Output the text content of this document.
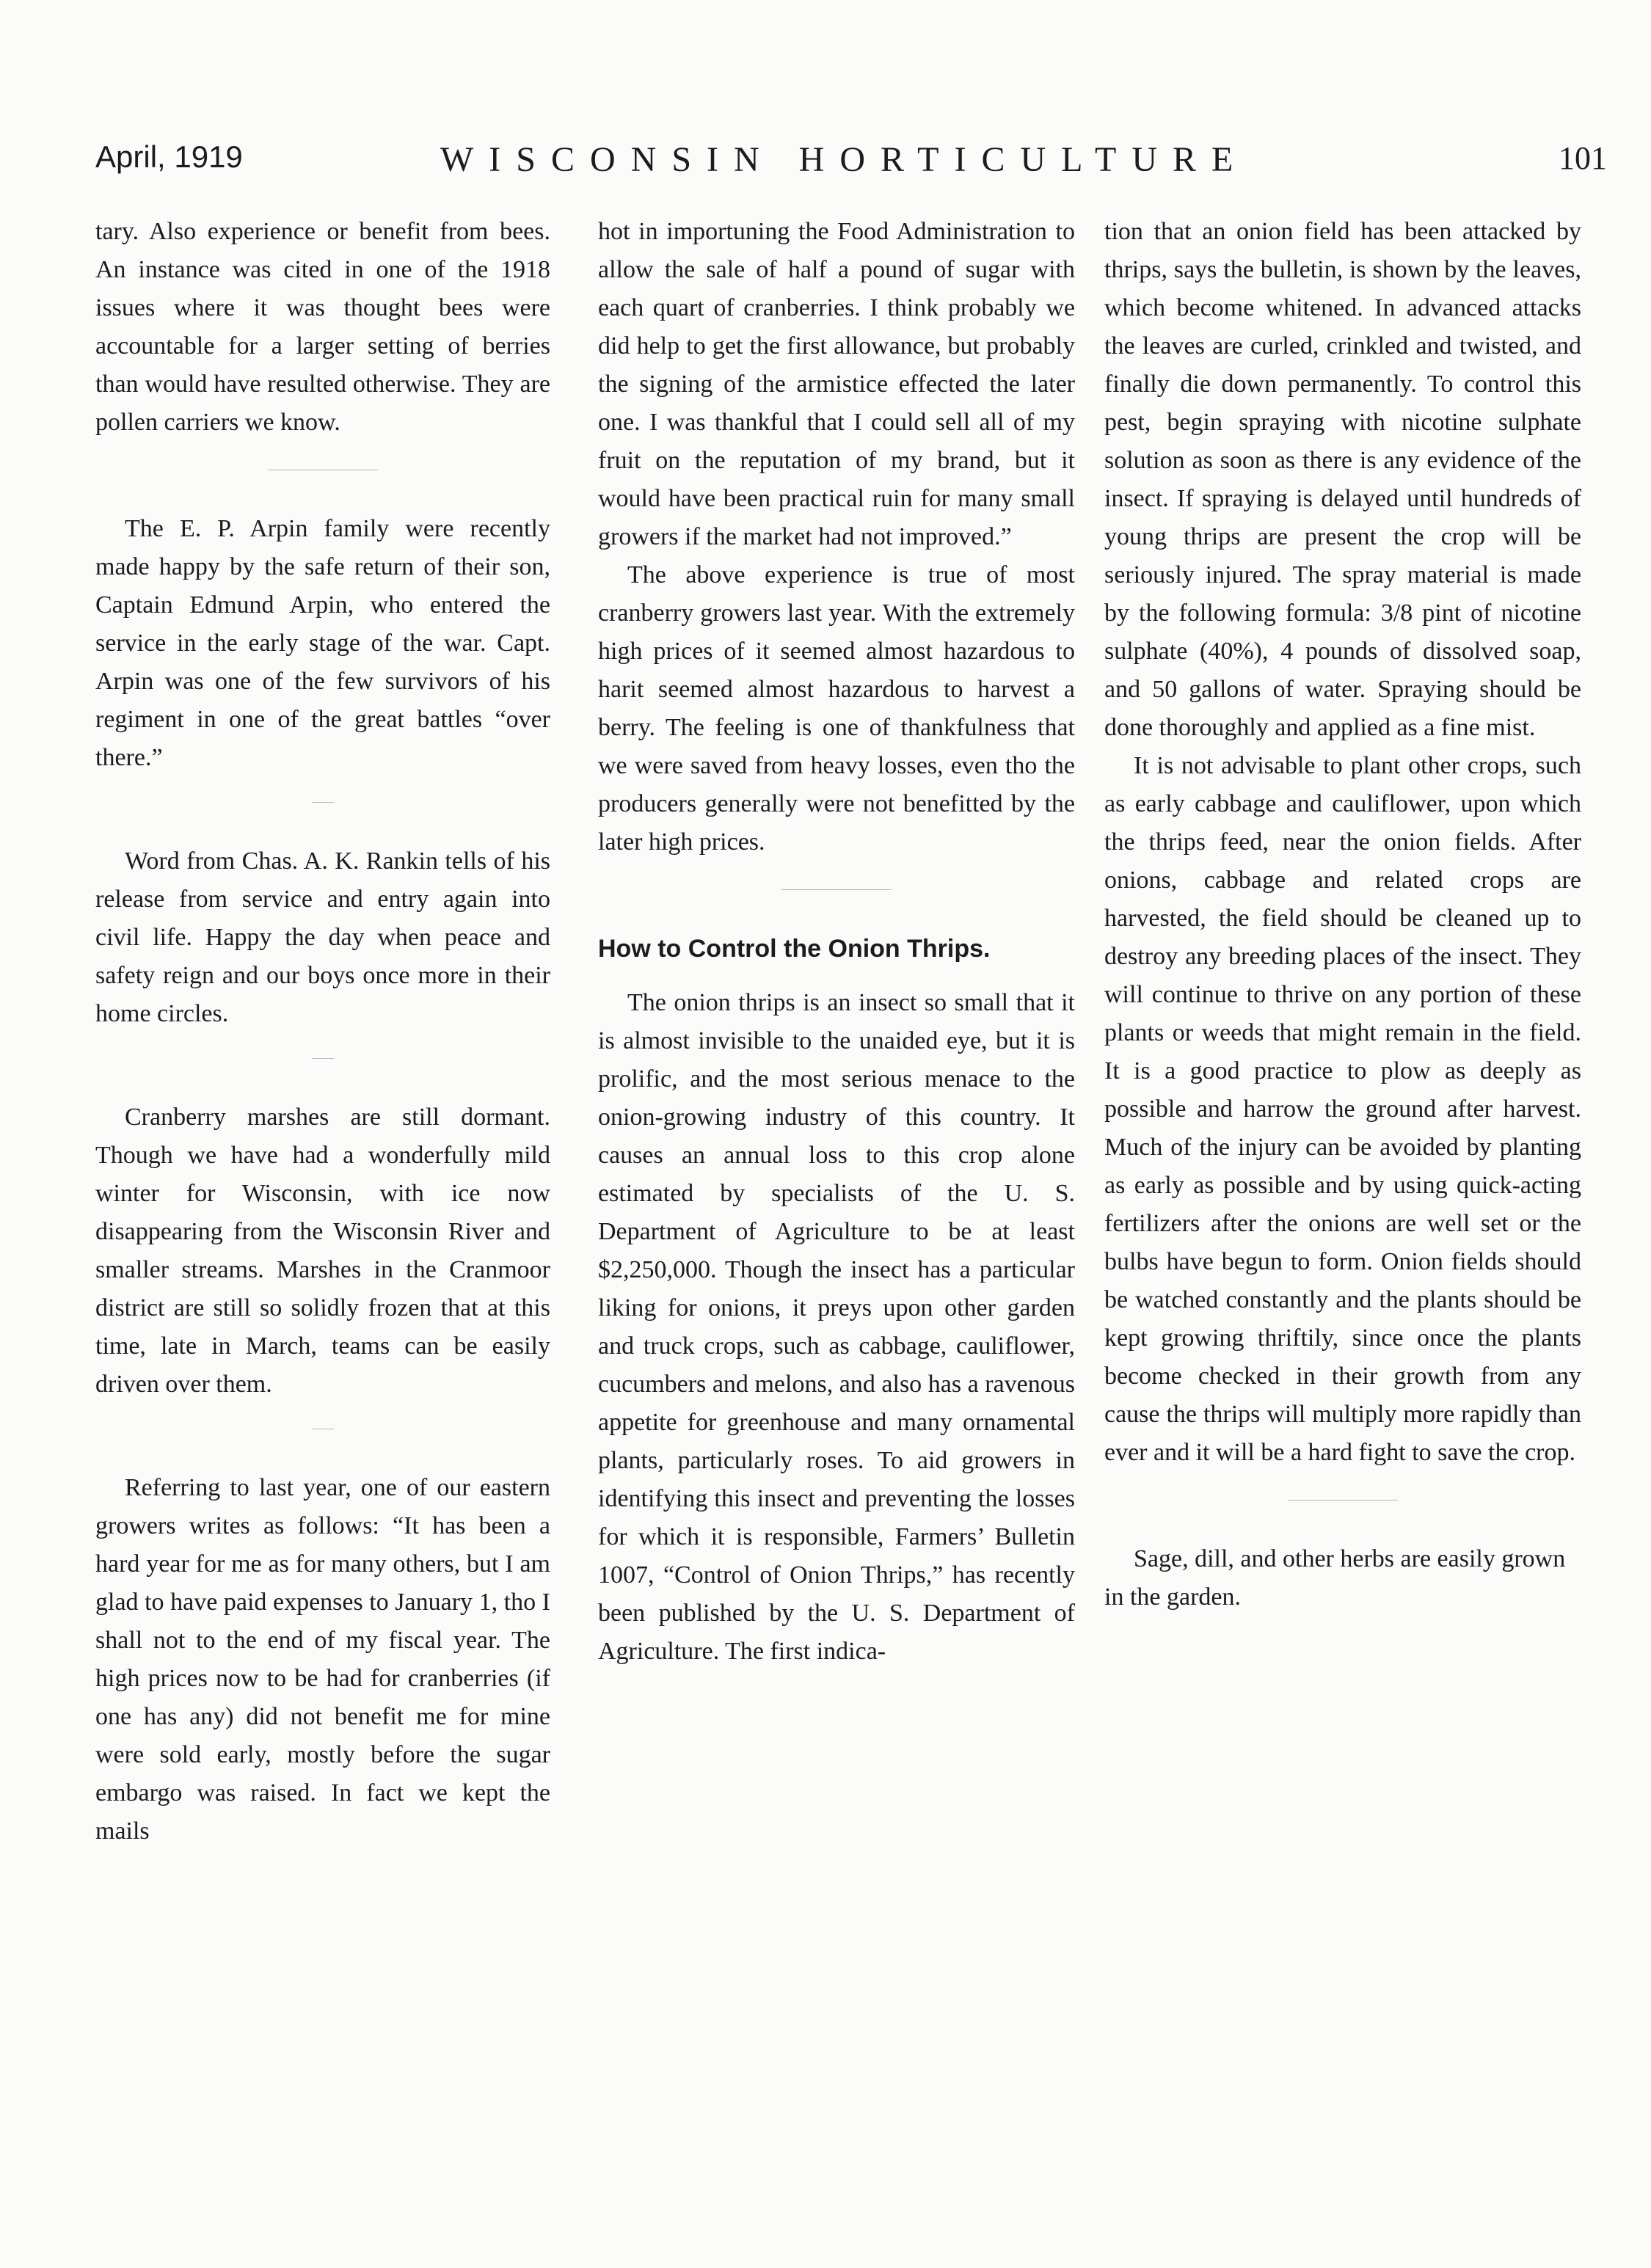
April, 1919	WISCONSIN HORTICULTURE	101

tary. Also experience or benefit from bees. An instance was cited in one of the 1918 issues where it was thought bees were accountable for a larger setting of berries than would have resulted otherwise. They are pollen carriers we know.

The E. P. Arpin family were recently made happy by the safe return of their son, Captain Edmund Arpin, who entered the service in the early stage of the war. Capt. Arpin was one of the few survivors of his regiment in one of the great battles “over there.”

Word from Chas. A. K. Rankin tells of his release from service and entry again into civil life. Happy the day when peace and safety reign and our boys once more in their home circles.

Cranberry marshes are still dormant. Though we have had a wonderfully mild winter for Wisconsin, with ice now disappearing from the Wisconsin River and smaller streams. Marshes in the Cranmoor district are still so solidly frozen that at this time, late in March, teams can be easily driven over them.

Referring to last year, one of our eastern growers writes as follows: “It has been a hard year for me as for many others, but I am glad to have paid expenses to January 1, tho I shall not to the end of my fiscal year. The high prices now to be had for cranberries (if one has any) did not benefit me for mine were sold early, mostly before the sugar embargo was raised. In fact we kept the mails

hot in importuning the Food Administration to allow the sale of half a pound of sugar with each quart of cranberries. I think probably we did help to get the first allowance, but probably the signing of the armistice effected the later one. I was thankful that I could sell all of my fruit on the reputation of my brand, but it would have been practical ruin for many small growers if the market had not improved.”

The above experience is true of most cranberry growers last year. With the extremely high prices of it seemed almost hazardous to harit seemed almost hazardous to harvest a berry. The feeling is one of thankfulness that we were saved from heavy losses, even tho the producers generally were not benefitted by the later high prices.

How to Control the Onion Thrips.

The onion thrips is an insect so small that it is almost invisible to the unaided eye, but it is prolific, and the most serious menace to the onion-growing industry of this country. It causes an annual loss to this crop alone estimated by specialists of the U. S. Department of Agriculture to be at least $2,250,000. Though the insect has a particular liking for onions, it preys upon other garden and truck crops, such as cabbage, cauliflower, cucumbers and melons, and also has a ravenous appetite for greenhouse and many ornamental plants, particularly roses. To aid growers in identifying this insect and preventing the losses for which it is responsible, Farmers’ Bulletin 1007, “Control of Onion Thrips,” has recently been published by the U. S. Department of Agriculture. The first indica-

tion that an onion field has been attacked by thrips, says the bulletin, is shown by the leaves, which become whitened. In advanced attacks the leaves are curled, crinkled and twisted, and finally die down permanently. To control this pest, begin spraying with nicotine sulphate solution as soon as there is any evidence of the insect. If spraying is delayed until hundreds of young thrips are present the crop will be seriously injured. The spray material is made by the following formula: 3/8 pint of nicotine sulphate (40%), 4 pounds of dissolved soap, and 50 gallons of water. Spraying should be done thoroughly and applied as a fine mist.

It is not advisable to plant other crops, such as early cabbage and cauliflower, upon which the thrips feed, near the onion fields. After onions, cabbage and related crops are harvested, the field should be cleaned up to destroy any breeding places of the insect. They will continue to thrive on any portion of these plants or weeds that might remain in the field. It is a good practice to plow as deeply as possible and harrow the ground after harvest. Much of the injury can be avoided by planting as early as possible and by using quick-acting fertilizers after the onions are well set or the bulbs have begun to form. Onion fields should be watched constantly and the plants should be kept growing thriftily, since once the plants become checked in their growth from any cause the thrips will multiply more rapidly than ever and it will be a hard fight to save the crop.

Sage, dill, and other herbs are easily grown in the garden.
